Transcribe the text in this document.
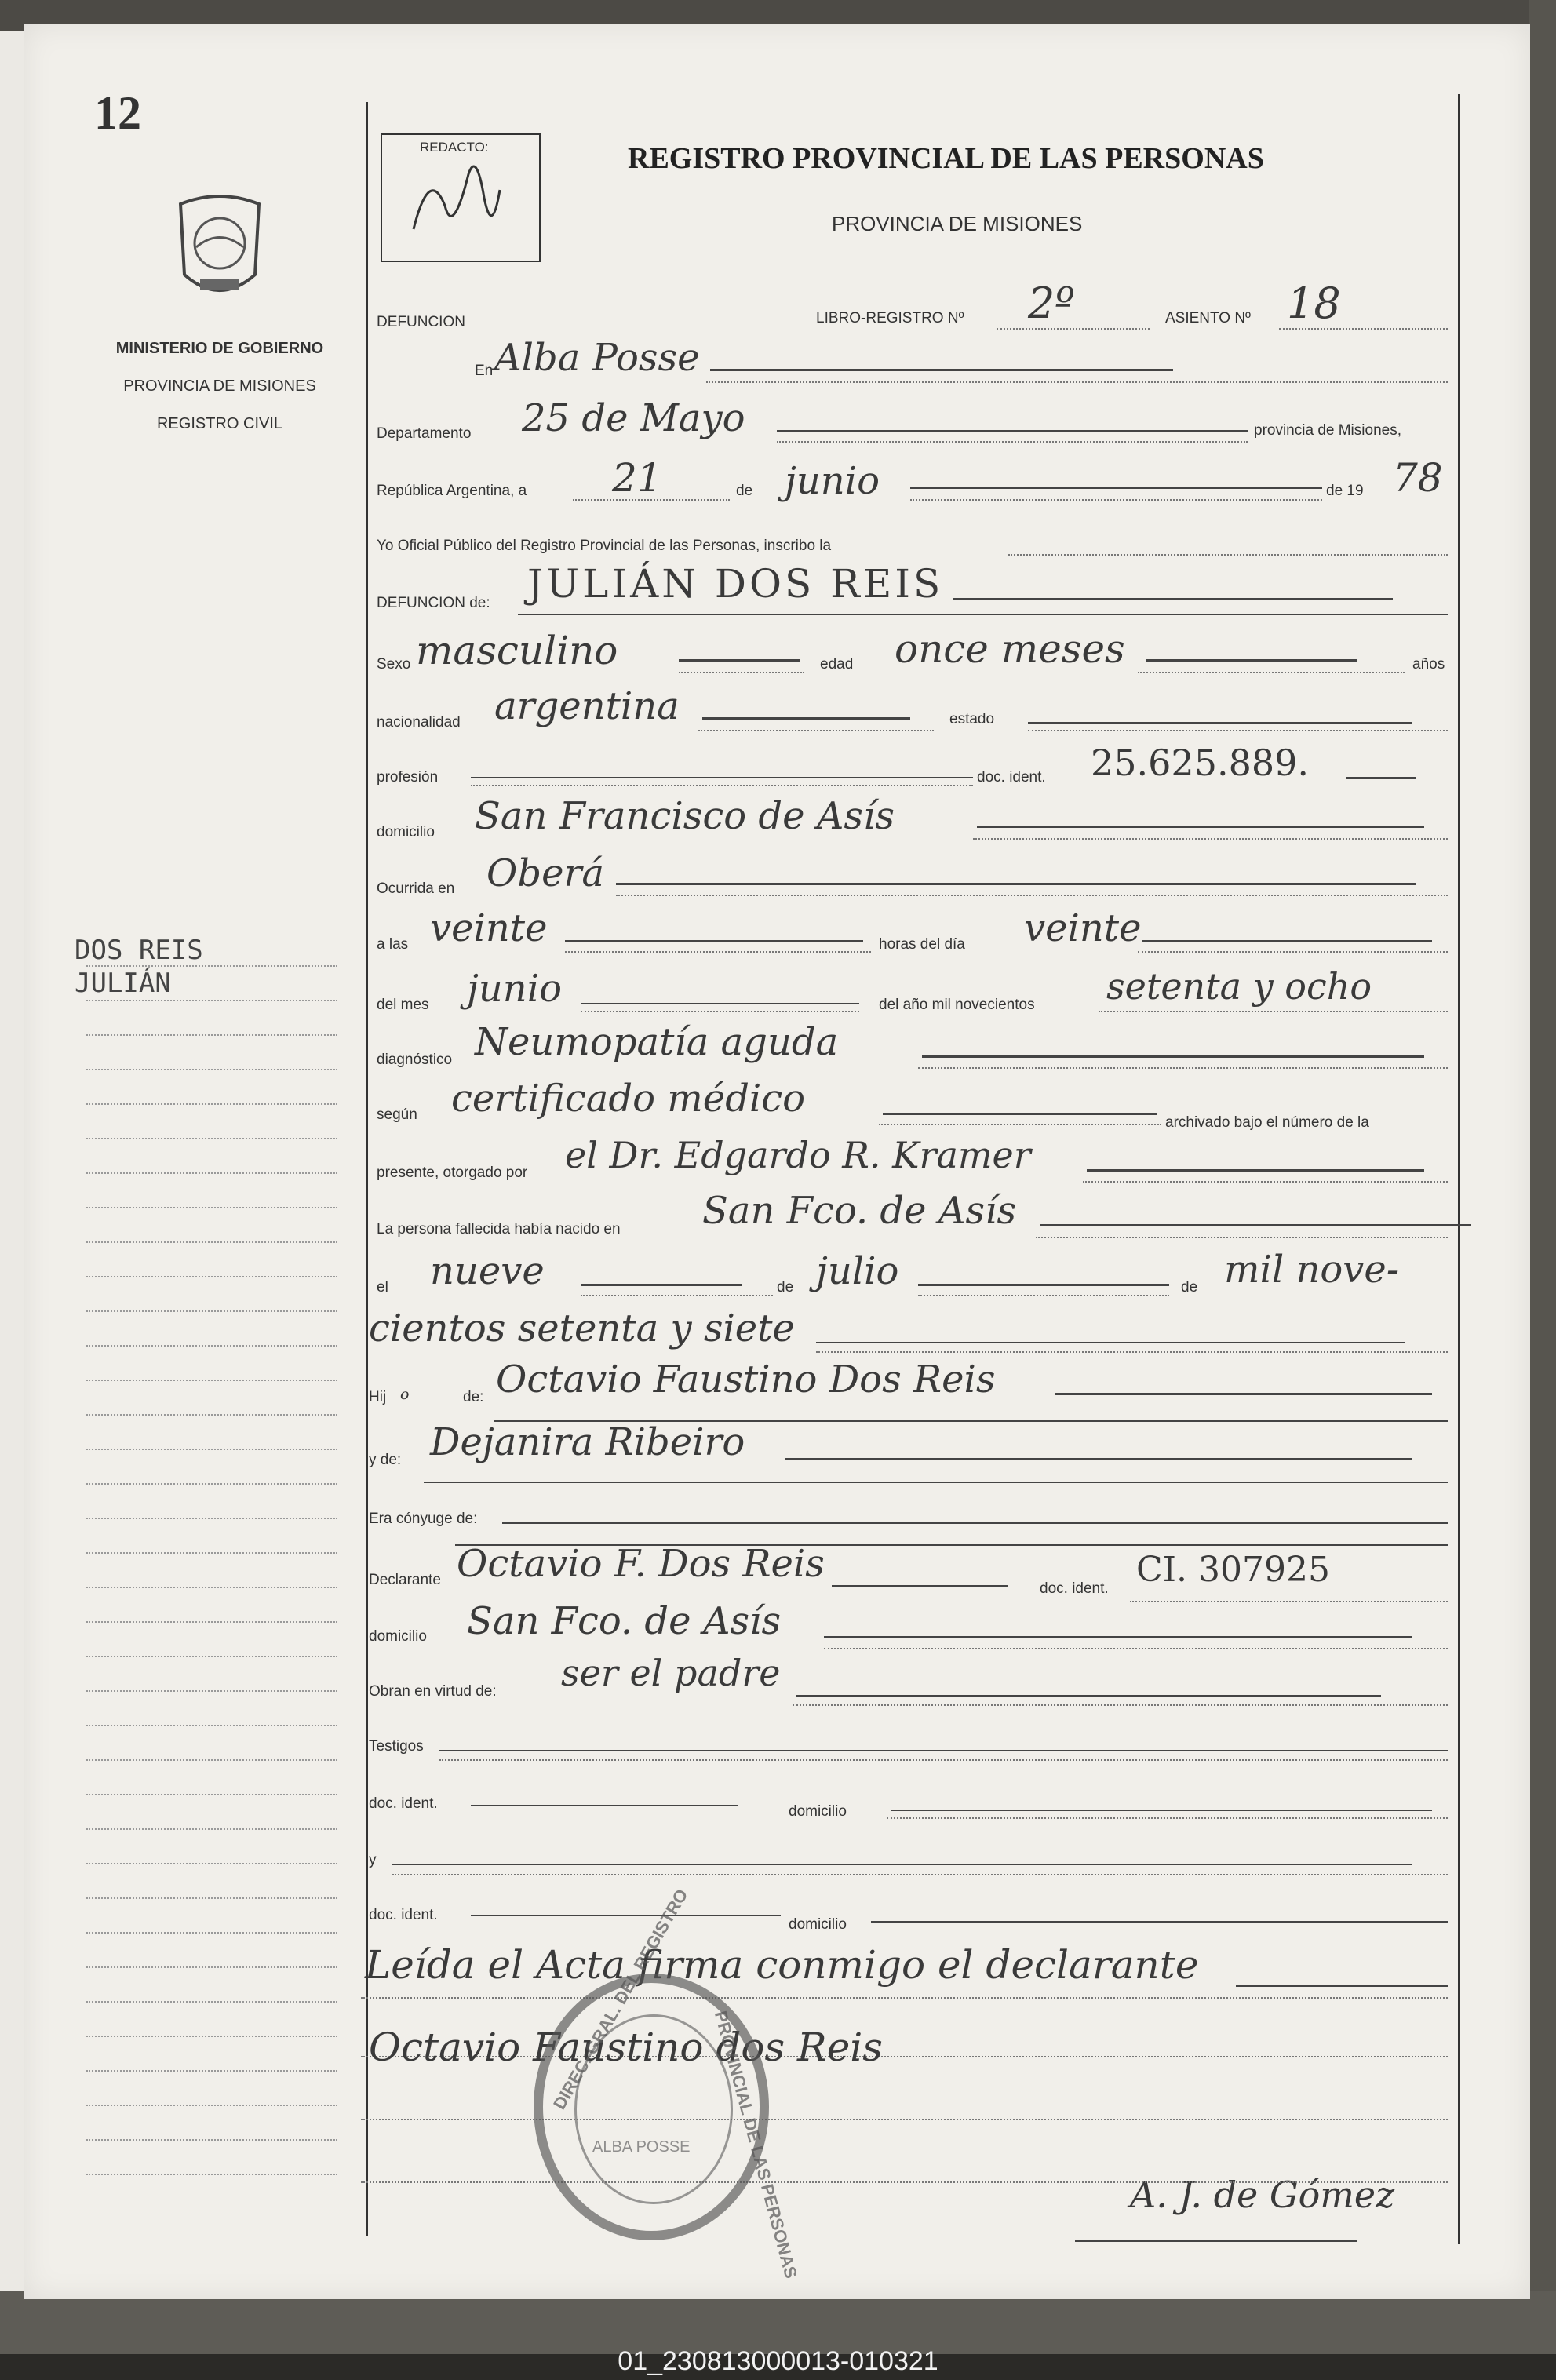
12
MINISTERIO DE GOBIERNO
PROVINCIA DE MISIONES
REGISTRO CIVIL
DOS REIS
JULIÁN
REDACTO:	REGISTRO PROVINCIAL DE LAS PERSONAS
PROVINCIA DE MISIONES
DEFUNCION	LIBRO-REGISTRO Nº 2º	ASIENTO Nº 18
En Alba Posse
Departamento 25 de Mayo	provincia de Misiones,
República Argentina, a 21	de junio	de 19 78
Yo Oficial Público del Registro Provincial de las Personas, inscribo la
DEFUNCION de: JULIÁN DOS REIS
Sexo masculino	edad once meses	años
nacionalidad argentina	estado
profesión	doc. ident. 25.625.889.
domicilio San Francisco de Asís
Ocurrida en Oberá
a las veinte	horas del día veinte
del mes junio	del año mil novecientos setenta y ocho
diagnóstico Neumopatía aguda
según certificado médico
archivado bajo el número de la
presente, otorgado por el Dr. Edgardo R. Kramer
La persona fallecida había nacido en San Fco. de Asís
el nueve	de julio	de mil nove-
cientos setenta y siete
Hij o	de: Octavio Faustino Dos Reis
y de: Dejanira Ribeiro
Era cónyuge de:
Declarante Octavio F. Dos Reis
doc. ident. CI. 307925
domicilio San Fco. de Asís
Obran en virtud de: ser el padre
Testigos
doc. ident.	domicilio
y
doc. ident.
domicilio
Leída el Acta firma conmigo el declarante
Octavio Faustino dos Reis
A. J. de Gómez
DIREC. GRAL. DEL REGISTRO
PROVINCIAL DE LAS PERSONAS
ALBA POSSE
01_230813000013-010321
